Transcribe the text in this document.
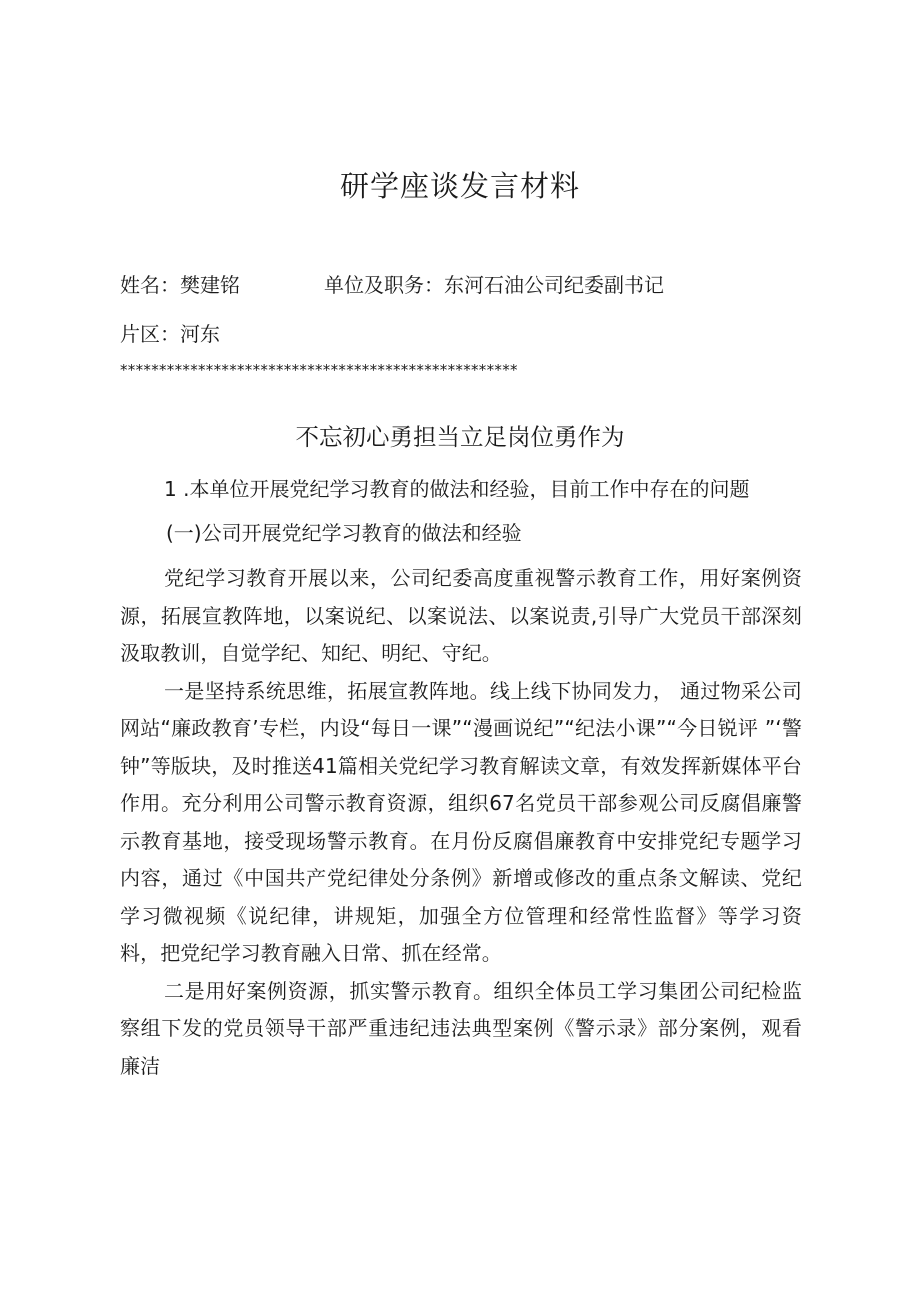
研学座谈发言材料
姓名：樊建铭	单位及职务：东河石油公司纪委副书记
片区：河东
***************************************************
不忘初心勇担当立足岗位勇作为
1 .本单位开展党纪学习教育的做法和经验，目前工作中存在的问题
(一)公司开展党纪学习教育的做法和经验

党纪学习教育开展以来，公司纪委高度重视警示教育工作，用好案例资源，拓展宣教阵地，以案说纪、以案说法、以案说责,引导广大党员干部深刻汲取教训，自觉学纪、知纪、明纪、守纪。

一是坚持系统思维，拓展宣教阵地。线上线下协同发力， 通过物采公司网站“廉政教育’专栏，内设“每日一课”“漫画说纪”“纪法小课”“今日锐评 ”‘警钟”等版块，及时推送41篇相关党纪学习教育解读文章，有效发挥新媒体平台作用。充分利用公司警示教育资源，组织67名党员干部参观公司反腐倡廉警示教育基地，接受现场警示教育。在月份反腐倡廉教育中安排党纪专题学习内容，通过《中国共产党纪律处分条例》新增或修改的重点条文解读、党纪学习微视频《说纪律，讲规矩，加强全方位管理和经常性监督》等学习资料，把党纪学习教育融入日常、抓在经常。

二是用好案例资源，抓实警示教育。组织全体员工学习集团公司纪检监察组下发的党员领导干部严重违纪违法典型案例《警示录》部分案例，观看廉洁
